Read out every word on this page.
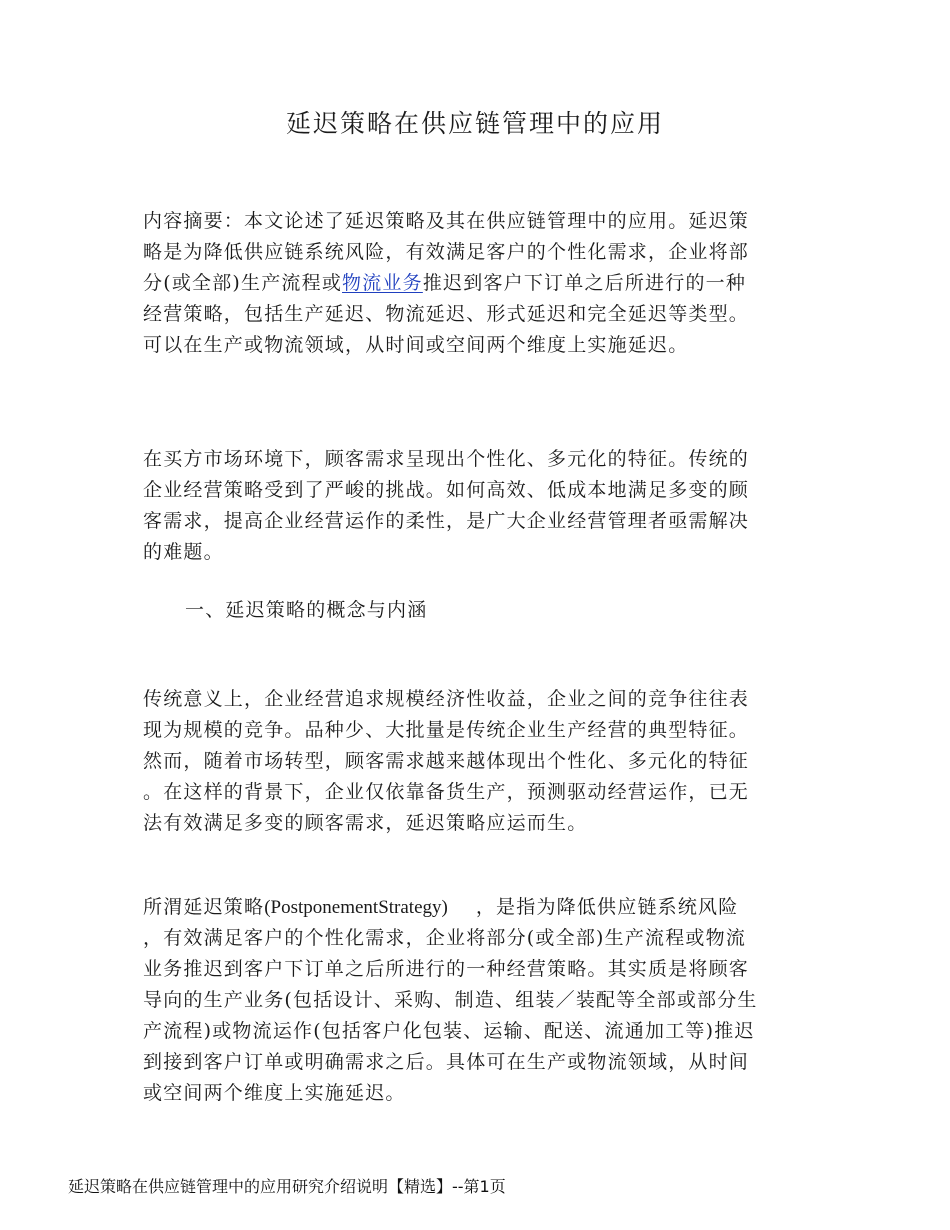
延迟策略在供应链管理中的应用

内容摘要：本文论述了延迟策略及其在供应链管理中的应用。延迟策
略是为降低供应链系统风险，有效满足客户的个性化需求，企业将部
分(或全部)生产流程或物流业务推迟到客户下订单之后所进行的一种
经营策略，包括生产延迟、物流延迟、形式延迟和完全延迟等类型。
可以在生产或物流领域，从时间或空间两个维度上实施延迟。

在买方市场环境下，顾客需求呈现出个性化、多元化的特征。传统的
企业经营策略受到了严峻的挑战。如何高效、低成本地满足多变的顾
客需求，提高企业经营运作的柔性，是广大企业经营管理者亟需解决
的难题。

一、延迟策略的概念与内涵

传统意义上，企业经营追求规模经济性收益，企业之间的竞争往往表
现为规模的竞争。品种少、大批量是传统企业生产经营的典型特征。
然而，随着市场转型，顾客需求越来越体现出个性化、多元化的特征
。在这样的背景下，企业仅依靠备货生产，预测驱动经营运作，已无
法有效满足多变的顾客需求，延迟策略应运而生。

所渭延迟策略(PostponementStrategy) ，是指为降低供应链系统风险
，有效满足客户的个性化需求，企业将部分(或全部)生产流程或物流
业务推迟到客户下订单之后所进行的一种经营策略。其实质是将顾客
导向的生产业务(包括设计、采购、制造、组装／装配等全部或部分生
产流程)或物流运作(包括客户化包装、运输、配送、流通加工等)推迟
到接到客户订单或明确需求之后。具体可在生产或物流领域，从时间
或空间两个维度上实施延迟。

延迟策略在供应链管理中的应用研究介绍说明【精选】--第1页
